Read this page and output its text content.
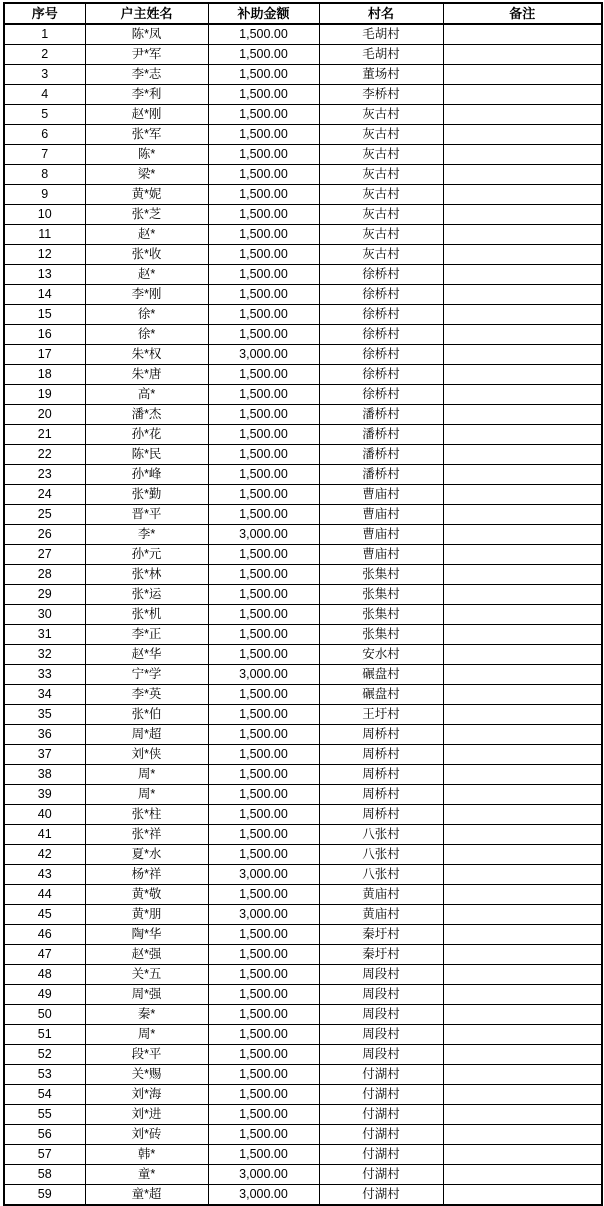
序号	户主姓名	补助金额	村名	备注
1	陈*凤	1,500.00	毛胡村	
2	尹*军	1,500.00	毛胡村	
3	李*志	1,500.00	董场村	
4	李*利	1,500.00	李桥村	
5	赵*刚	1,500.00	灰古村	
6	张*军	1,500.00	灰古村	
7	陈*	1,500.00	灰古村	
8	梁*	1,500.00	灰古村	
9	黄*妮	1,500.00	灰古村	
10	张*芝	1,500.00	灰古村	
11	赵*	1,500.00	灰古村	
12	张*收	1,500.00	灰古村	
13	赵*	1,500.00	徐桥村	
14	李*刚	1,500.00	徐桥村	
15	徐*	1,500.00	徐桥村	
16	徐*	1,500.00	徐桥村	
17	朱*权	3,000.00	徐桥村	
18	朱*唐	1,500.00	徐桥村	
19	高*	1,500.00	徐桥村	
20	潘*杰	1,500.00	潘桥村	
21	孙*花	1,500.00	潘桥村	
22	陈*民	1,500.00	潘桥村	
23	孙*峰	1,500.00	潘桥村	
24	张*勤	1,500.00	曹庙村	
25	晋*平	1,500.00	曹庙村	
26	李*	3,000.00	曹庙村	
27	孙*元	1,500.00	曹庙村	
28	张*林	1,500.00	张集村	
29	张*运	1,500.00	张集村	
30	张*机	1,500.00	张集村	
31	李*正	1,500.00	张集村	
32	赵*华	1,500.00	安水村	
33	宁*学	3,000.00	碾盘村	
34	李*英	1,500.00	碾盘村	
35	张*伯	1,500.00	王圩村	
36	周*超	1,500.00	周桥村	
37	刘*侠	1,500.00	周桥村	
38	周*	1,500.00	周桥村	
39	周*	1,500.00	周桥村	
40	张*柱	1,500.00	周桥村	
41	张*祥	1,500.00	八张村	
42	夏*水	1,500.00	八张村	
43	杨*祥	3,000.00	八张村	
44	黄*敬	1,500.00	黄庙村	
45	黄*朋	3,000.00	黄庙村	
46	陶*华	1,500.00	秦圩村	
47	赵*强	1,500.00	秦圩村	
48	关*五	1,500.00	周段村	
49	周*强	1,500.00	周段村	
50	秦*	1,500.00	周段村	
51	周*	1,500.00	周段村	
52	段*平	1,500.00	周段村	
53	关*赐	1,500.00	付湖村	
54	刘*海	1,500.00	付湖村	
55	刘*进	1,500.00	付湖村	
56	刘*砖	1,500.00	付湖村	
57	韩*	1,500.00	付湖村	
58	童*	3,000.00	付湖村	
59	童*超	3,000.00	付湖村	
